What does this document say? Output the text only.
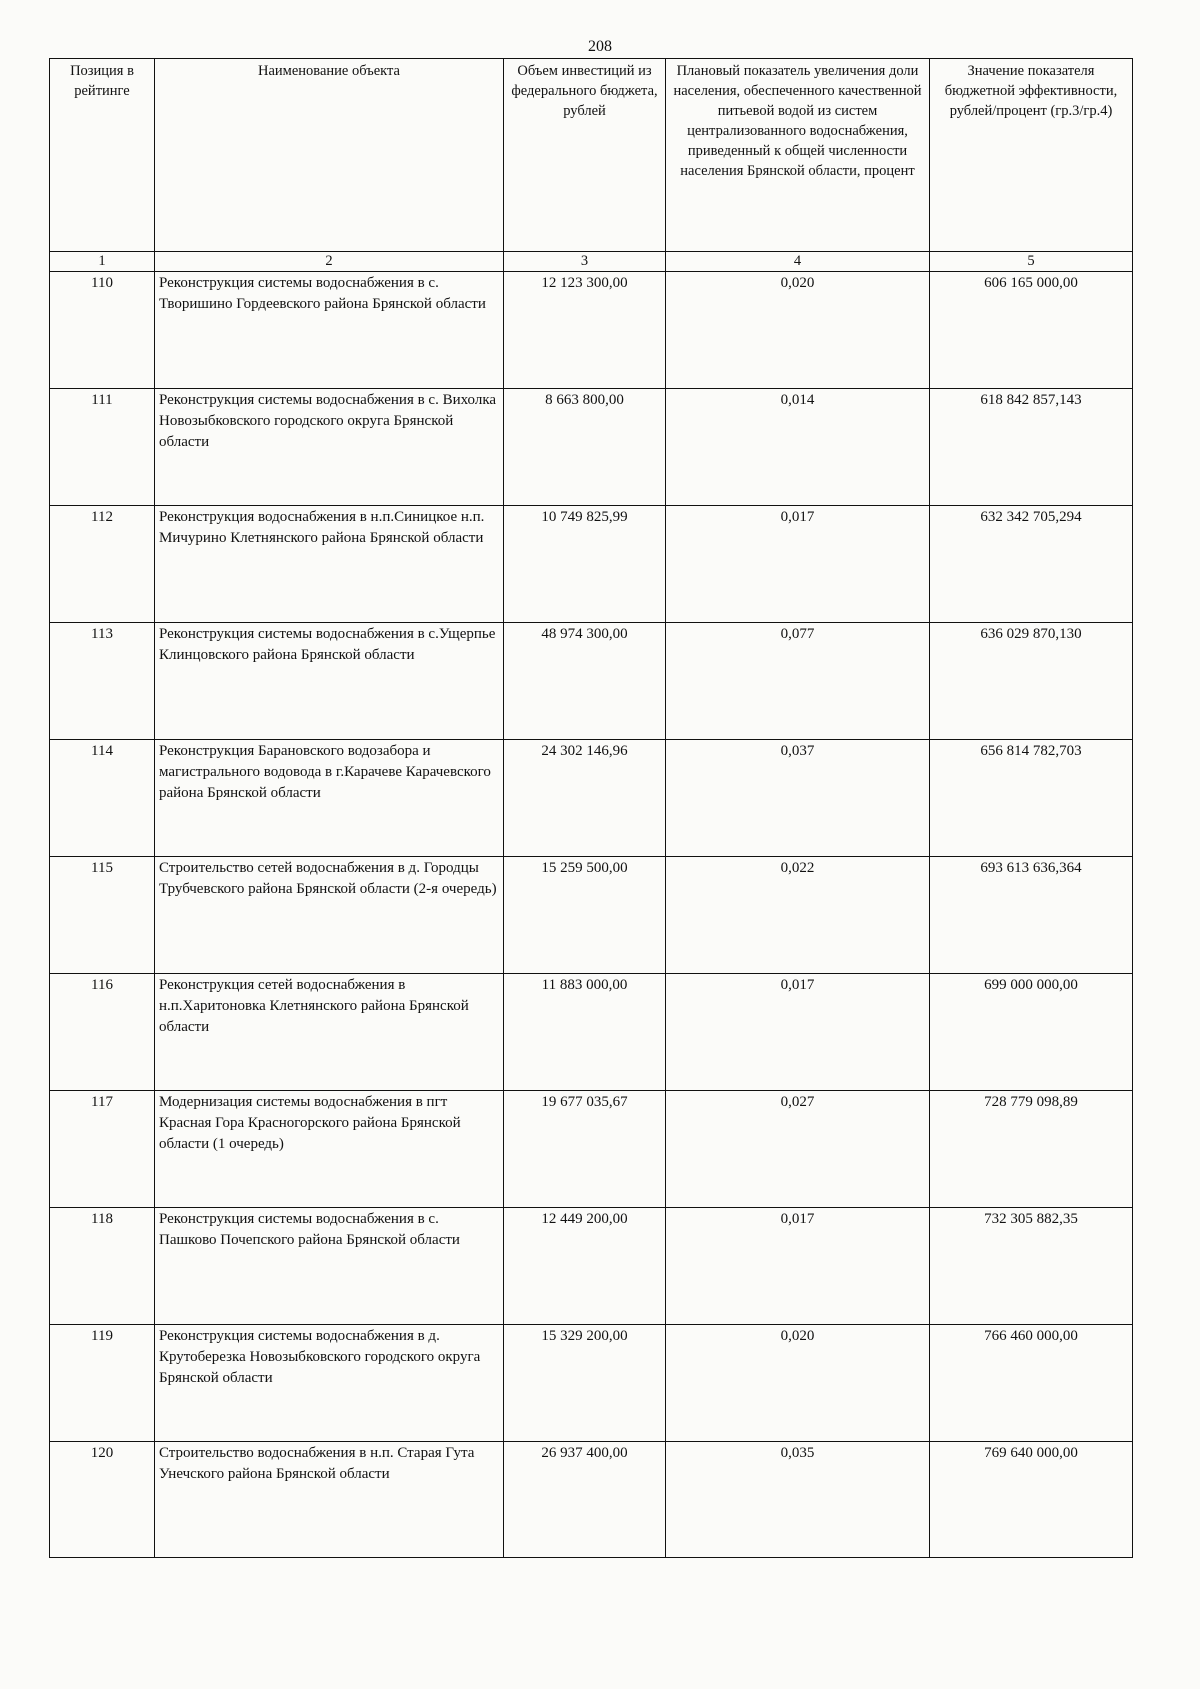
208
Позиция в рейтинге	Наименование объекта	Объем инвестиций из федерального бюджета, рублей	Плановый показатель увеличения доли населения, обеспеченного качественной питьевой водой из систем централизованного водоснабжения, приведенный к общей численности населения Брянской области, процент	Значение показателя бюджетной эффективности, рублей/процент (гр.3/гр.4)
1	2	3	4	5
110	Реконструкция системы водоснабжения в с. Творишино Гордеевского района Брянской области	12 123 300,00	0,020	606 165 000,00
111	Реконструкция системы водоснабжения в с. Вихолка Новозыбковского городского округа Брянской области	8 663 800,00	0,014	618 842 857,143
112	Реконструкция водоснабжения в н.п.Синицкое н.п. Мичурино Клетнянского района Брянской области	10 749 825,99	0,017	632 342 705,294
113	Реконструкция системы водоснабжения в с.Ущерпье Клинцовского района Брянской области	48 974 300,00	0,077	636 029 870,130
114	Реконструкция Барановского водозабора и магистрального водовода в г.Карачеве Карачевского района Брянской области	24 302 146,96	0,037	656 814 782,703
115	Строительство сетей водоснабжения в д. Городцы Трубчевского района Брянской области (2-я очередь)	15 259 500,00	0,022	693 613 636,364
116	Реконструкция сетей водоснабжения в н.п.Харитоновка Клетнянского района Брянской области	11 883 000,00	0,017	699 000 000,00
117	Модернизация системы водоснабжения в пгт Красная Гора Красногорского района Брянской области (1 очередь)	19 677 035,67	0,027	728 779 098,89
118	Реконструкция системы водоснабжения в с. Пашково Почепского района Брянской области	12 449 200,00	0,017	732 305 882,35
119	Реконструкция системы водоснабжения в д. Крутоберезка Новозыбковского городского округа Брянской области	15 329 200,00	0,020	766 460 000,00
120	Строительство водоснабжения в н.п. Старая Гута Унечского района Брянской области	26 937 400,00	0,035	769 640 000,00
